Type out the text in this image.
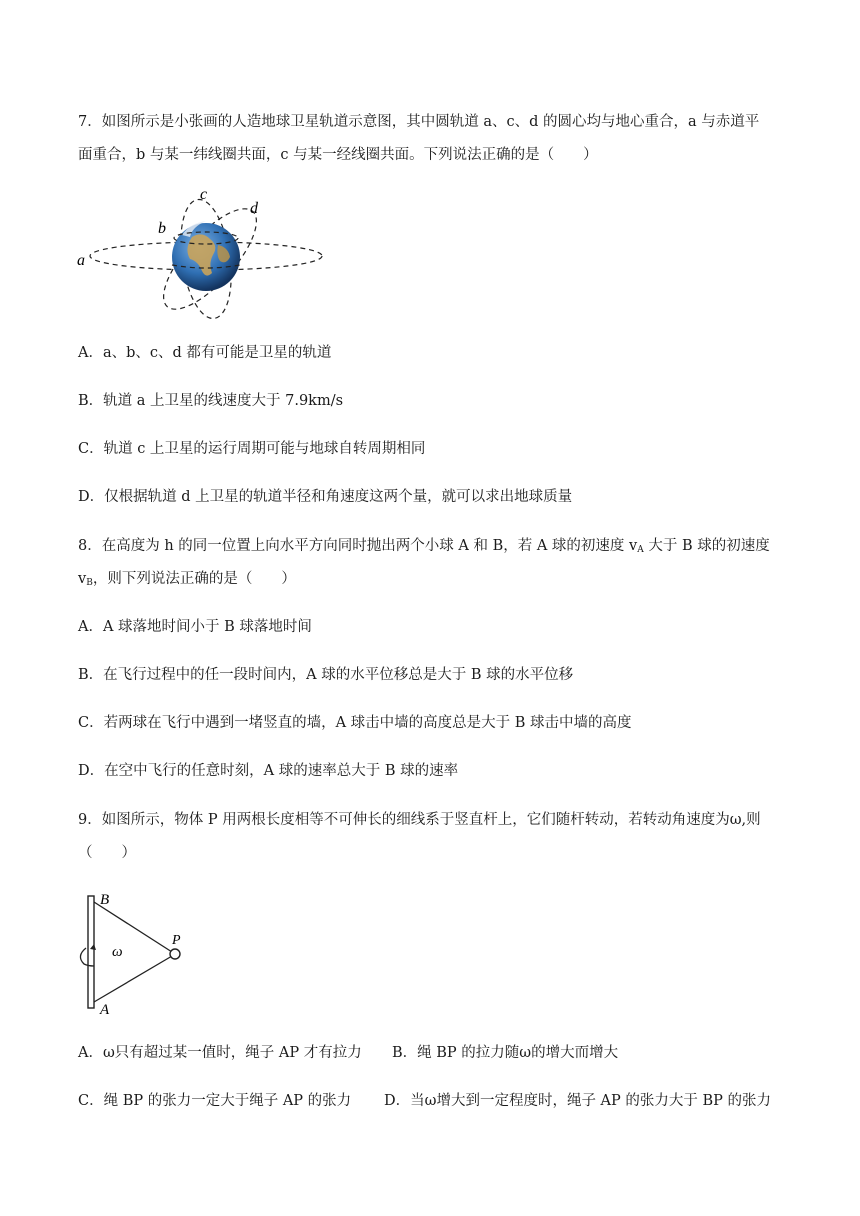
7．如图所示是小张画的人造地球卫星轨道示意图，其中圆轨道 a、c、d 的圆心均与地心重合，a 与赤道平
面重合，b 与某一纬线圈共面，c 与某一经线圈共面。下列说法正确的是（　　）
a
b
c
d
A．a、b、c、d 都有可能是卫星的轨道
B．轨道 a 上卫星的线速度大于 7.9km/s
C．轨道 c 上卫星的运行周期可能与地球自转周期相同
D．仅根据轨道 d 上卫星的轨道半径和角速度这两个量，就可以求出地球质量
8．在高度为 h 的同一位置上向水平方向同时抛出两个小球 A 和 B，若 A 球的初速度 $v_A$ 大于 B 球的初速度
$v_B$，则下列说法正确的是（　　）
A．A 球落地时间小于 B 球落地时间
B．在飞行过程中的任一段时间内，A 球的水平位移总是大于 B 球的水平位移
C．若两球在飞行中遇到一堵竖直的墙，A 球击中墙的高度总是大于 B 球击中墙的高度
D．在空中飞行的任意时刻，A 球的速率总大于 B 球的速率
9．如图所示，物体 P 用两根长度相等不可伸长的细线系于竖直杆上，它们随杆转动，若转动角速度为ω,则
（　　）
B
A
P
ω
A．ω只有超过某一值时，绳子 AP 才有拉力 B．绳 BP 的拉力随ω的增大而增大
C．绳 BP 的张力一定大于绳子 AP 的张力 D．当ω增大到一定程度时，绳子 AP 的张力大于 BP 的张力
